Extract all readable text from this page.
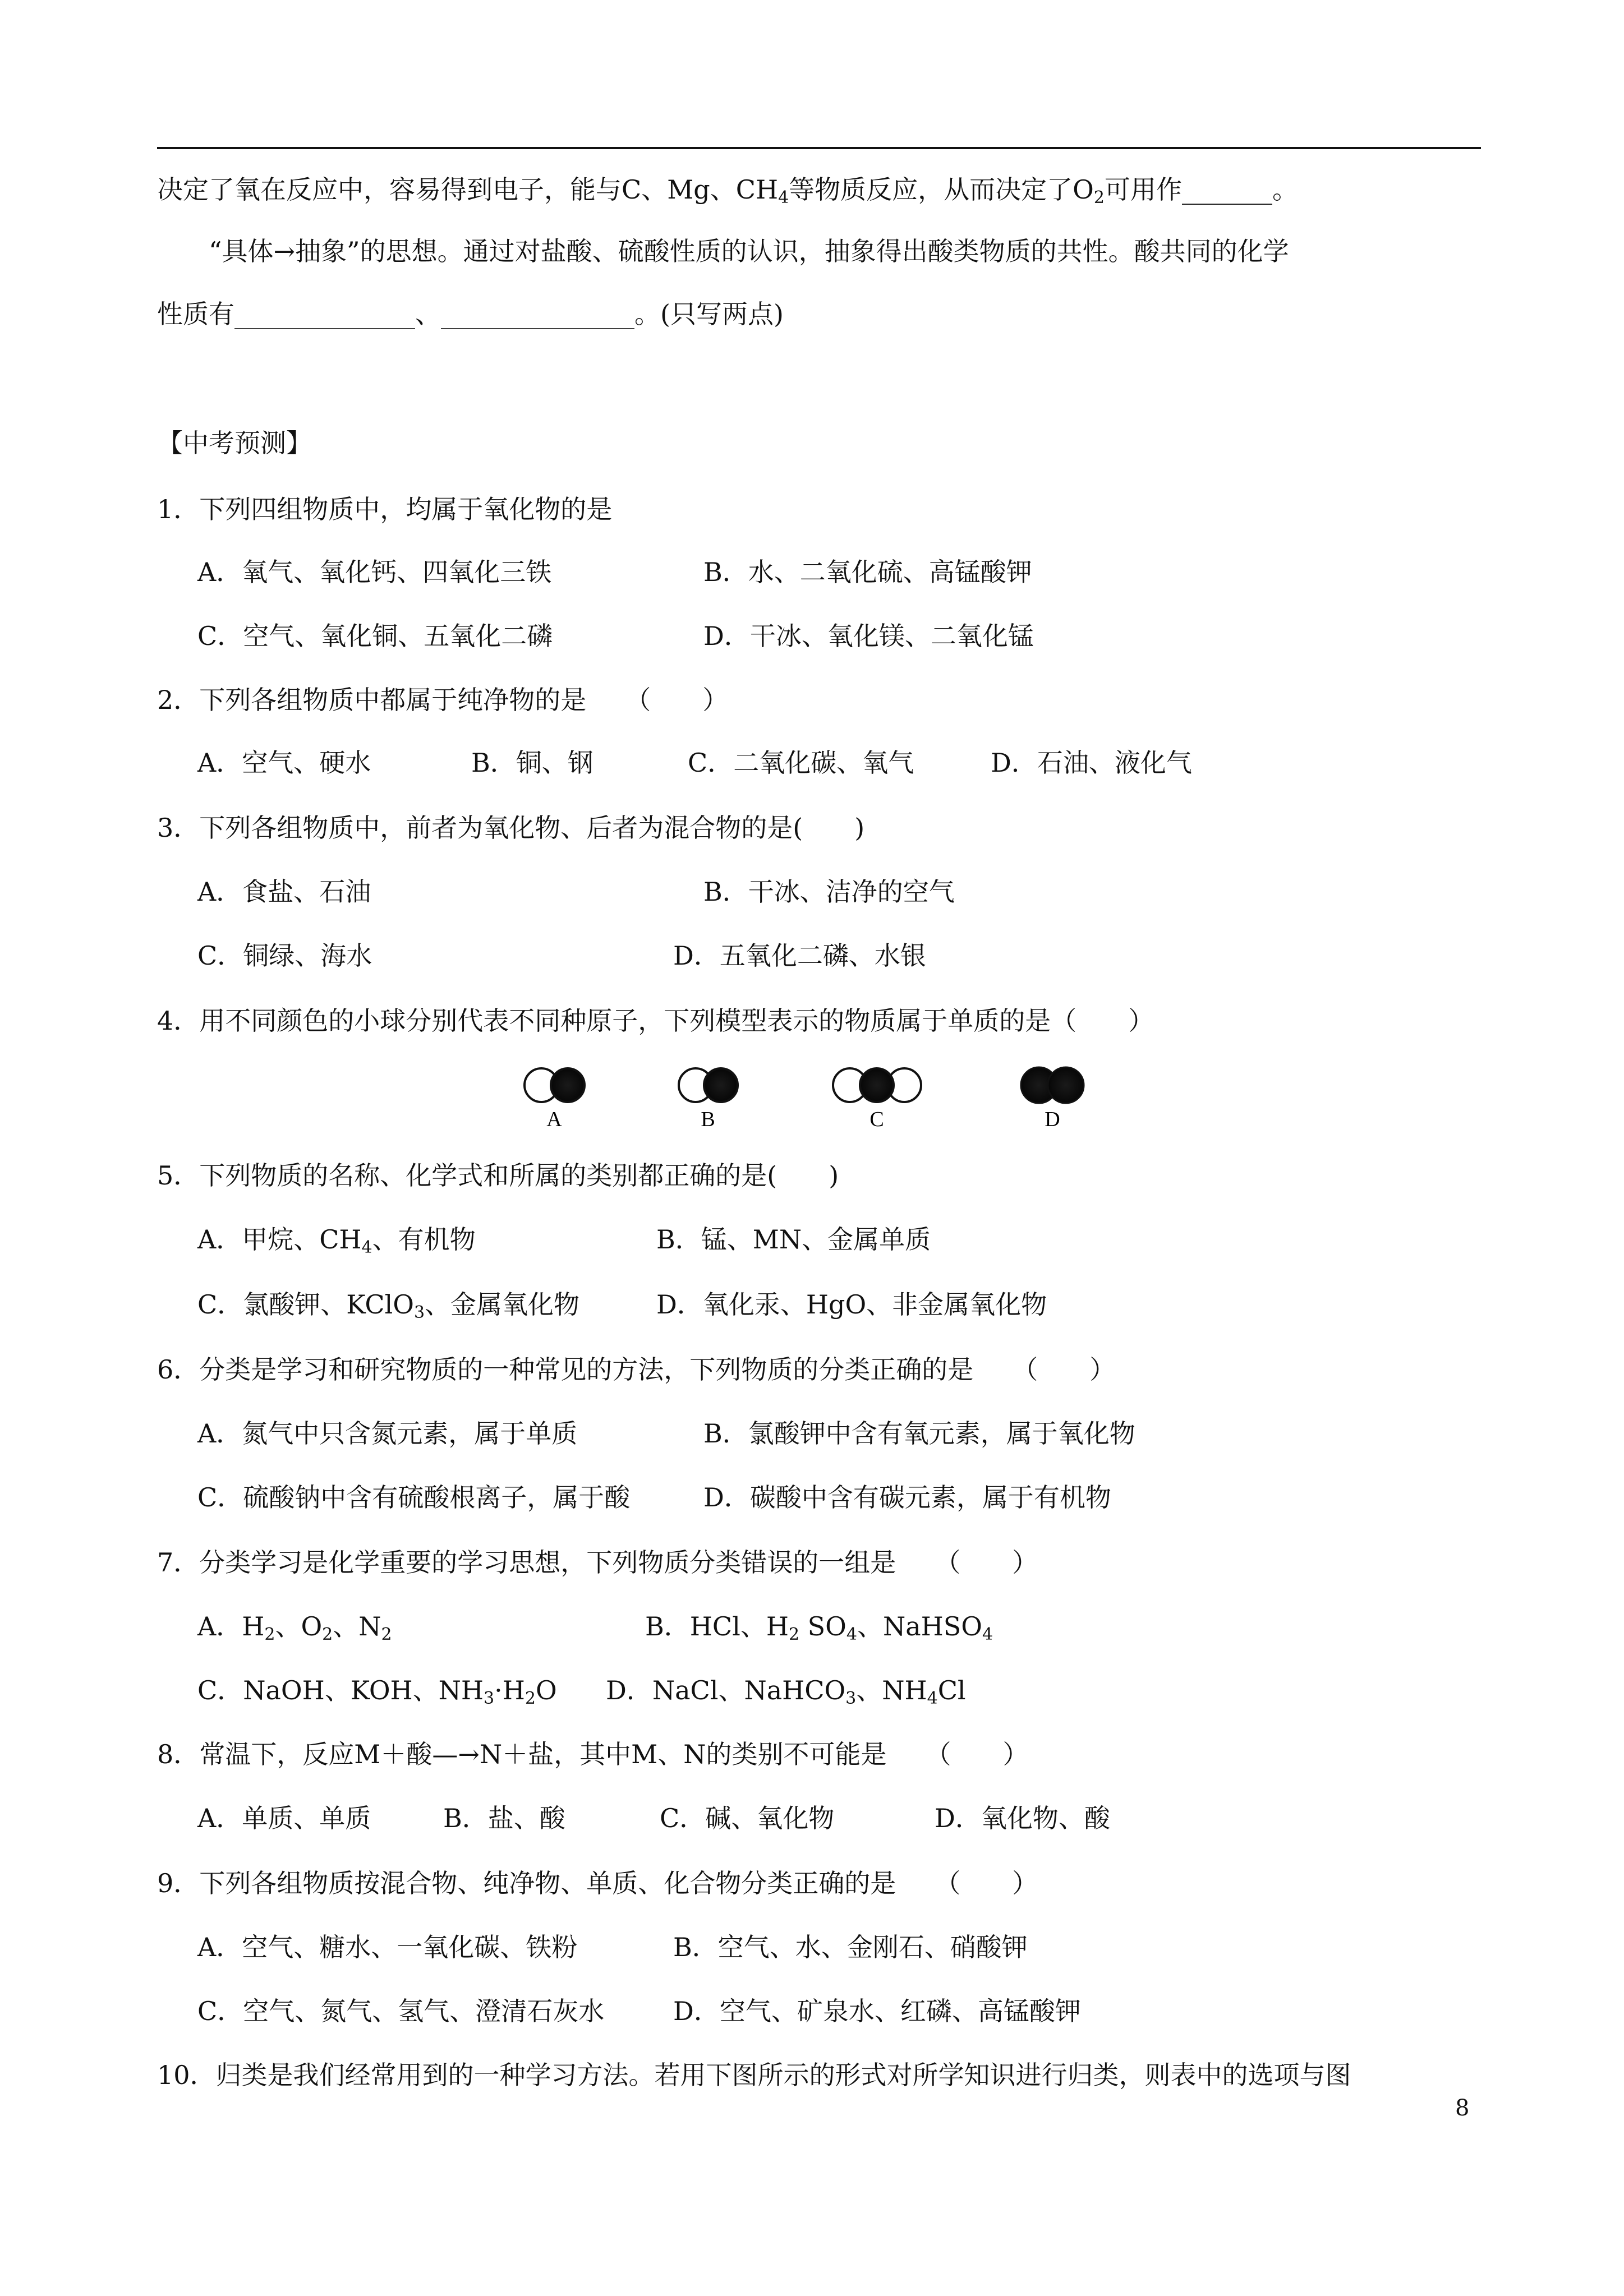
决定了氧在反应中，容易得到电子，能与C、Mg、$CH_4$等物质反应，从而决定了$O_2$可用作_______。
“具体→抽象”的思想。通过对盐酸、硫酸性质的认识，抽象得出酸类物质的共性。酸共同的化学
性质有______________、_______________。(只写两点)
【中考预测】
1．下列四组物质中，均属于氧化物的是
A．氧气、氧化钙、四氧化三铁	B．水、二氧化硫、高锰酸钾
C．空气、氧化铜、五氧化二磷	D．干冰、氧化镁、二氧化锰
2．下列各组物质中都属于纯净物的是　　（　　）
A．空气、硬水	B．铜、钢	C．二氧化碳、氧气	D．石油、液化气
3．下列各组物质中，前者为氧化物、后者为混合物的是(　　)
A．食盐、石油	B．干冰、洁净的空气
C．铜绿、海水	D．五氧化二磷、水银
4．用不同颜色的小球分别代表不同种原子，下列模型表示的物质属于单质的是（　　）
A	B	C	D
5．下列物质的名称、化学式和所属的类别都正确的是(　　)
A．甲烷、$CH_4$、有机物	B．锰、MN、金属单质
C．氯酸钾、KClO$_3$、金属氧化物	D．氧化汞、HgO、非金属氧化物
6．分类是学习和研究物质的一种常见的方法，下列物质的分类正确的是　　（　　）
A．氮气中只含氮元素，属于单质	B．氯酸钾中含有氧元素，属于氧化物
C．硫酸钠中含有硫酸根离子，属于酸	D．碳酸中含有碳元素，属于有机物
7．分类学习是化学重要的学习思想，下列物质分类错误的一组是　　（　　）
A．$H_2$、$O_2$、$N_2$	B．HCl、$H_2$ $SO_4$、NaHSO$_4$
C．NaOH、KOH、$NH_3\cdot H_2O$ D．NaCl、NaHCO$_3$、$NH_4Cl$
8．常温下，反应M＋酸—→N＋盐，其中M、N的类别不可能是　　（　　）
A．单质、单质	B．盐、酸	C．碱、氧化物	D．氧化物、酸
9．下列各组物质按混合物、纯净物、单质、化合物分类正确的是　　（　　）
A．空气、糖水、一氧化碳、铁粉	B．空气、水、金刚石、硝酸钾
C．空气、氮气、氢气、澄清石灰水	D．空气、矿泉水、红磷、高锰酸钾
10．归类是我们经常用到的一种学习方法。若用下图所示的形式对所学知识进行归类，则表中的选项与图
8
